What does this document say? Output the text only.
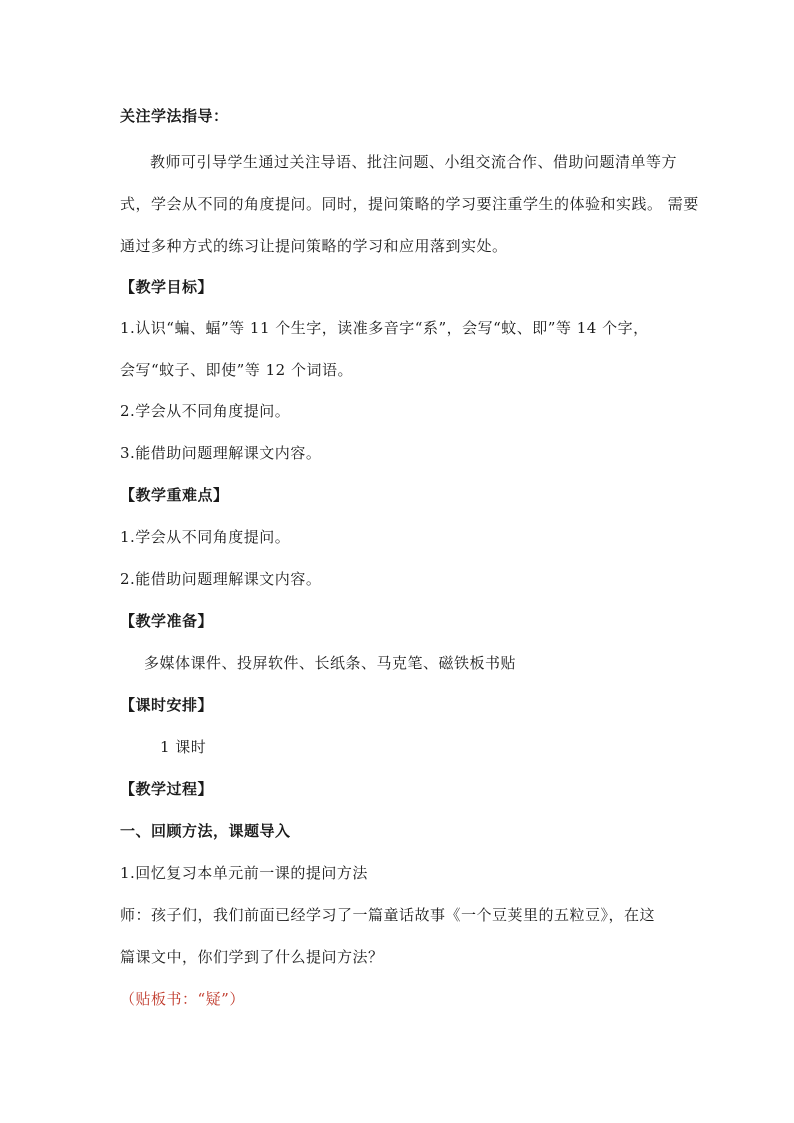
关注学法指导：
教师可引导学生通过关注导语、批注问题、小组交流合作、借助问题清单等方
式，学会从不同的角度提问。同时，提问策略的学习要注重学生的体验和实践。 需要
通过多种方式的练习让提问策略的学习和应用落到实处。
【教学目标】
1.认识“蝙、蝠”等 11 个生字，读准多音字“系”，会写“蚊、即”等 14 个字，
会写“蚊子、即使”等 12 个词语。
2.学会从不同角度提问。
3.能借助问题理解课文内容。
【教学重难点】
1.学会从不同角度提问。
2.能借助问题理解课文内容。
【教学准备】
多媒体课件、投屏软件、长纸条、马克笔、磁铁板书贴
【课时安排】
1 课时
【教学过程】
一、回顾方法，课题导入
1.回忆复习本单元前一课的提问方法
师：孩子们，我们前面已经学习了一篇童话故事《一个豆荚里的五粒豆》，在这
篇课文中，你们学到了什么提问方法？
（贴板书：“疑”）
